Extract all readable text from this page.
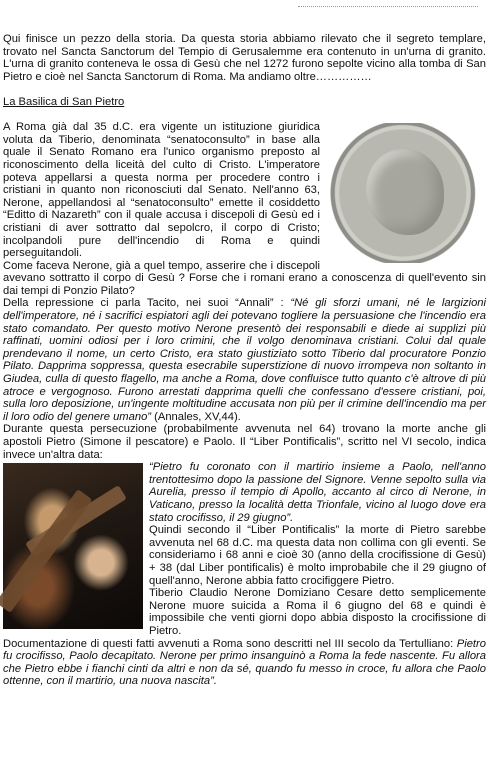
Qui finisce un pezzo della storia. Da questa storia abbiamo rilevato che il segreto templare, trovato nel Sancta Sanctorum del Tempio di Gerusalemme era contenuto in un'urna di granito. L'urna di granito conteneva le ossa di Gesù che nel 1272 furono sepolte vicino alla tomba di San Pietro e cioè nel Sancta Sanctorum di Roma. Ma andiamo oltre……………

La Basilica di San Pietro

A Roma già dal 35 d.C. era vigente un istituzione giuridica voluta da Tiberio, denominata “senatoconsulto” in base alla quale il Senato Romano era l'unico organismo preposto al riconoscimento della liceità del culto di Cristo. L'imperatore poteva appellarsi a questa norma per procedere contro i cristiani in quanto non riconosciuti dal Senato. Nell'anno 63, Nerone, appellandosi al “senatoconsulto” emette il cosiddetto “Editto di Nazareth” con il quale accusa i discepoli di Gesù ed i cristiani di aver sottratto dal sepolcro, il corpo di Cristo; incolpandoli pure dell'incendio di Roma e quindi perseguitandoli.

Come faceva Nerone, già a quel tempo, asserire che i discepoli avevano sottratto il corpo di Gesù ? Forse che i romani erano a conoscenza di quell'evento sin dai tempi di Ponzio Pilato?

Della repressione ci parla Tacito, nei suoi “Annali” : “Né gli sforzi umani, né le largizioni dell'imperatore, né i sacrifici espiatori agli dei potevano togliere la persuasione che l'incendio era stato comandato. Per questo motivo Nerone presentò dei responsabili e diede ai supplizi più raffinati, uomini odiosi per i loro crimini, che il volgo denominava cristiani. Colui dal quale prendevano il nome, un certo Cristo, era stato giustiziato sotto Tiberio dal procuratore Ponzio Pilato. Dapprima soppressa, questa esecrabile superstizione di nuovo irrompeva non soltanto in Giudea, culla di questo flagello, ma anche a Roma, dove confluisce tutto quanto c'è altrove di più atroce e vergognoso. Furono arrestati dapprima quelli che confessano d'essere cristiani, poi, sulla loro deposizione, un'ingente moltitudine accusata non più per il crimine dell'incendio ma per il loro odio del genere umano” (Annales, XV,44).

Durante questa persecuzione (probabilmente avvenuta nel 64) trovano la morte anche gli apostoli Pietro (Simone il pescatore) e Paolo. Il “Liber Pontificalis”, scritto nel VI secolo, indica invece un'altra data:

“Pietro fu coronato con il martirio insieme a Paolo, nell'anno trentottesimo dopo la passione del Signore. Venne sepolto sulla via Aurelia, presso il tempio di Apollo, accanto al circo di Nerone, in Vaticano, presso la località detta Trionfale, vicino al luogo dove era stato crocifisso, il 29 giugno”.

Quindi secondo il “Liber Pontificalis” la morte di Pietro sarebbe avvenuta nel 68 d.C. ma questa data non collima con gli eventi. Se consideriamo i 68 anni e cioè 30 (anno della crocifissione di Gesù) + 38 (dal Liber pontificalis) è molto improbabile che il 29 giugno of quell'anno, Nerone abbia fatto crocifiggere Pietro.

Tiberio Claudio Nerone Domiziano Cesare detto semplicemente Nerone muore suicida a Roma il 6 giugno del 68 e quindi è impossibile che venti giorni dopo abbia disposto la crocifissione di Pietro.

Documentazione di questi fatti avvenuti a Roma sono descritti nel III secolo da Tertulliano: Pietro fu crocifisso, Paolo decapitato. Nerone per primo insanguinò a Roma la fede nascente. Fu allora che Pietro ebbe i fianchi cinti da altri e non da sé, quando fu messo in croce, fu allora che Paolo ottenne, con il martirio, una nuova nascita”.
